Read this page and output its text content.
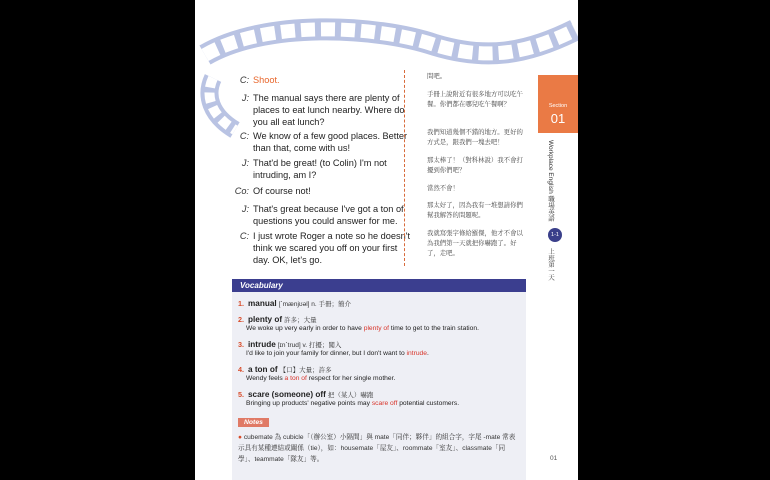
C: Shoot.
J: The manual says there are plenty of places to eat lunch nearby. Where do you all eat lunch?
C: We know of a few good places. Better than that, come with us!
J: That'd be great! (to Colin) I'm not intruding, am I?
Co: Of course not!
J: That's great because I've got a ton of questions you could answer for me.
C: I just wrote Roger a note so he doesn't think we scared you off on your first day. OK, let's go.
問吧。
手冊上說附近有很多地方可以吃午餐。你們都在哪兒吃午餐啊？
我們知道幾個不錯的地方。更好的方式是，跟我們一塊去吧！
那太棒了！（對科林說）我不會打擾到你們吧？
當然不會！
那太好了，因為我有一堆想請你們幫我解答的問題呢。
我就寫張字條給羅傑，他才不會以為我們第一天就把你嚇跑了。好了，走吧。
Section
01
Workplace English 職場英語
1-1
上班第一天
Vocabulary
1. manual [ˋmænjʊəl] n. 手冊；簡介
2. plenty of 許多；大量
We woke up very early in order to have plenty of time to get to the train station.
3. intrude [ɪnˋtrud] v. 打擾；闖入
I'd like to join your family for dinner, but I don't want to intrude.
4. a ton of 【口】大量；許多
Wendy feels a ton of respect for her single mother.
5. scare (someone) off 把（某人）嚇跑
Bringing up products' negative points may scare off potential customers.
Notes
● cubemate 為 cubicle「（辦公室）小隔間」與 mate「同伴；夥伴」的組合字，字尾 -mate 常表示具有某種連結或關係（tie），如：housemate「屋友」、roommate「室友」、classmate「同學」、teammate「隊友」等。	01
